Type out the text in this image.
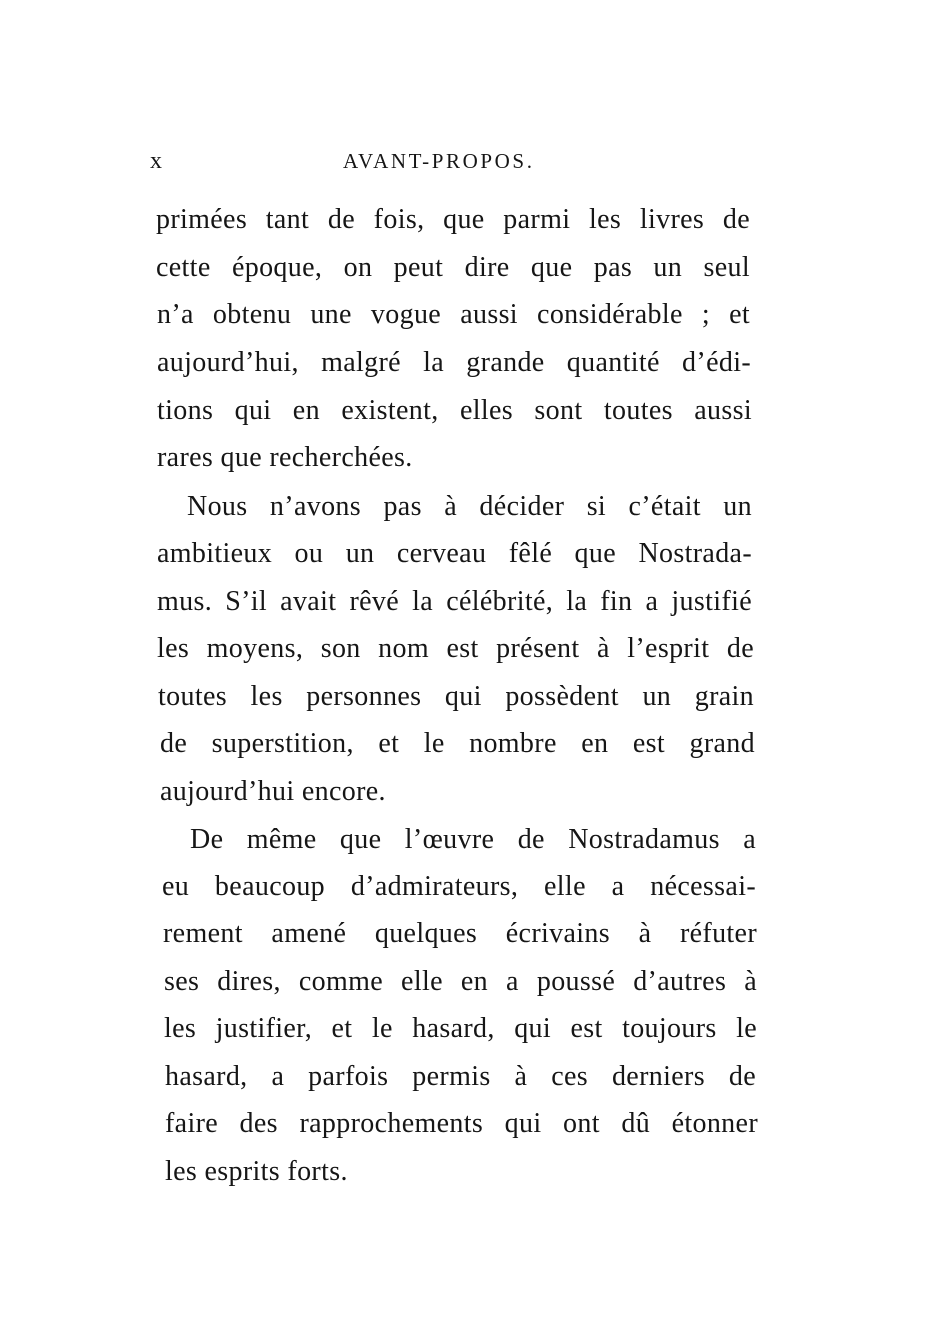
x	AVANT-PROPOS.
primées tant de fois, que parmi les livres de
cette époque, on peut dire que pas un seul
n’a obtenu une vogue aussi considérable ; et
aujourd’hui, malgré la grande quantité d’édi-
tions qui en existent, elles sont toutes aussi
rares que recherchées.
Nous n’avons pas à décider si c’était un
ambitieux ou un cerveau fêlé que Nostrada-
mus. S’il avait rêvé la célébrité, la fin a justifié
les moyens, son nom est présent à l’esprit de
toutes les personnes qui possèdent un grain
de superstition, et le nombre en est grand
aujourd’hui encore.
De même que l’œuvre de Nostradamus a
eu beaucoup d’admirateurs, elle a nécessai-
rement amené quelques écrivains à réfuter
ses dires, comme elle en a poussé d’autres à
les justifier, et le hasard, qui est toujours le
hasard, a parfois permis à ces derniers de
faire des rapprochements qui ont dû étonner
les esprits forts.
